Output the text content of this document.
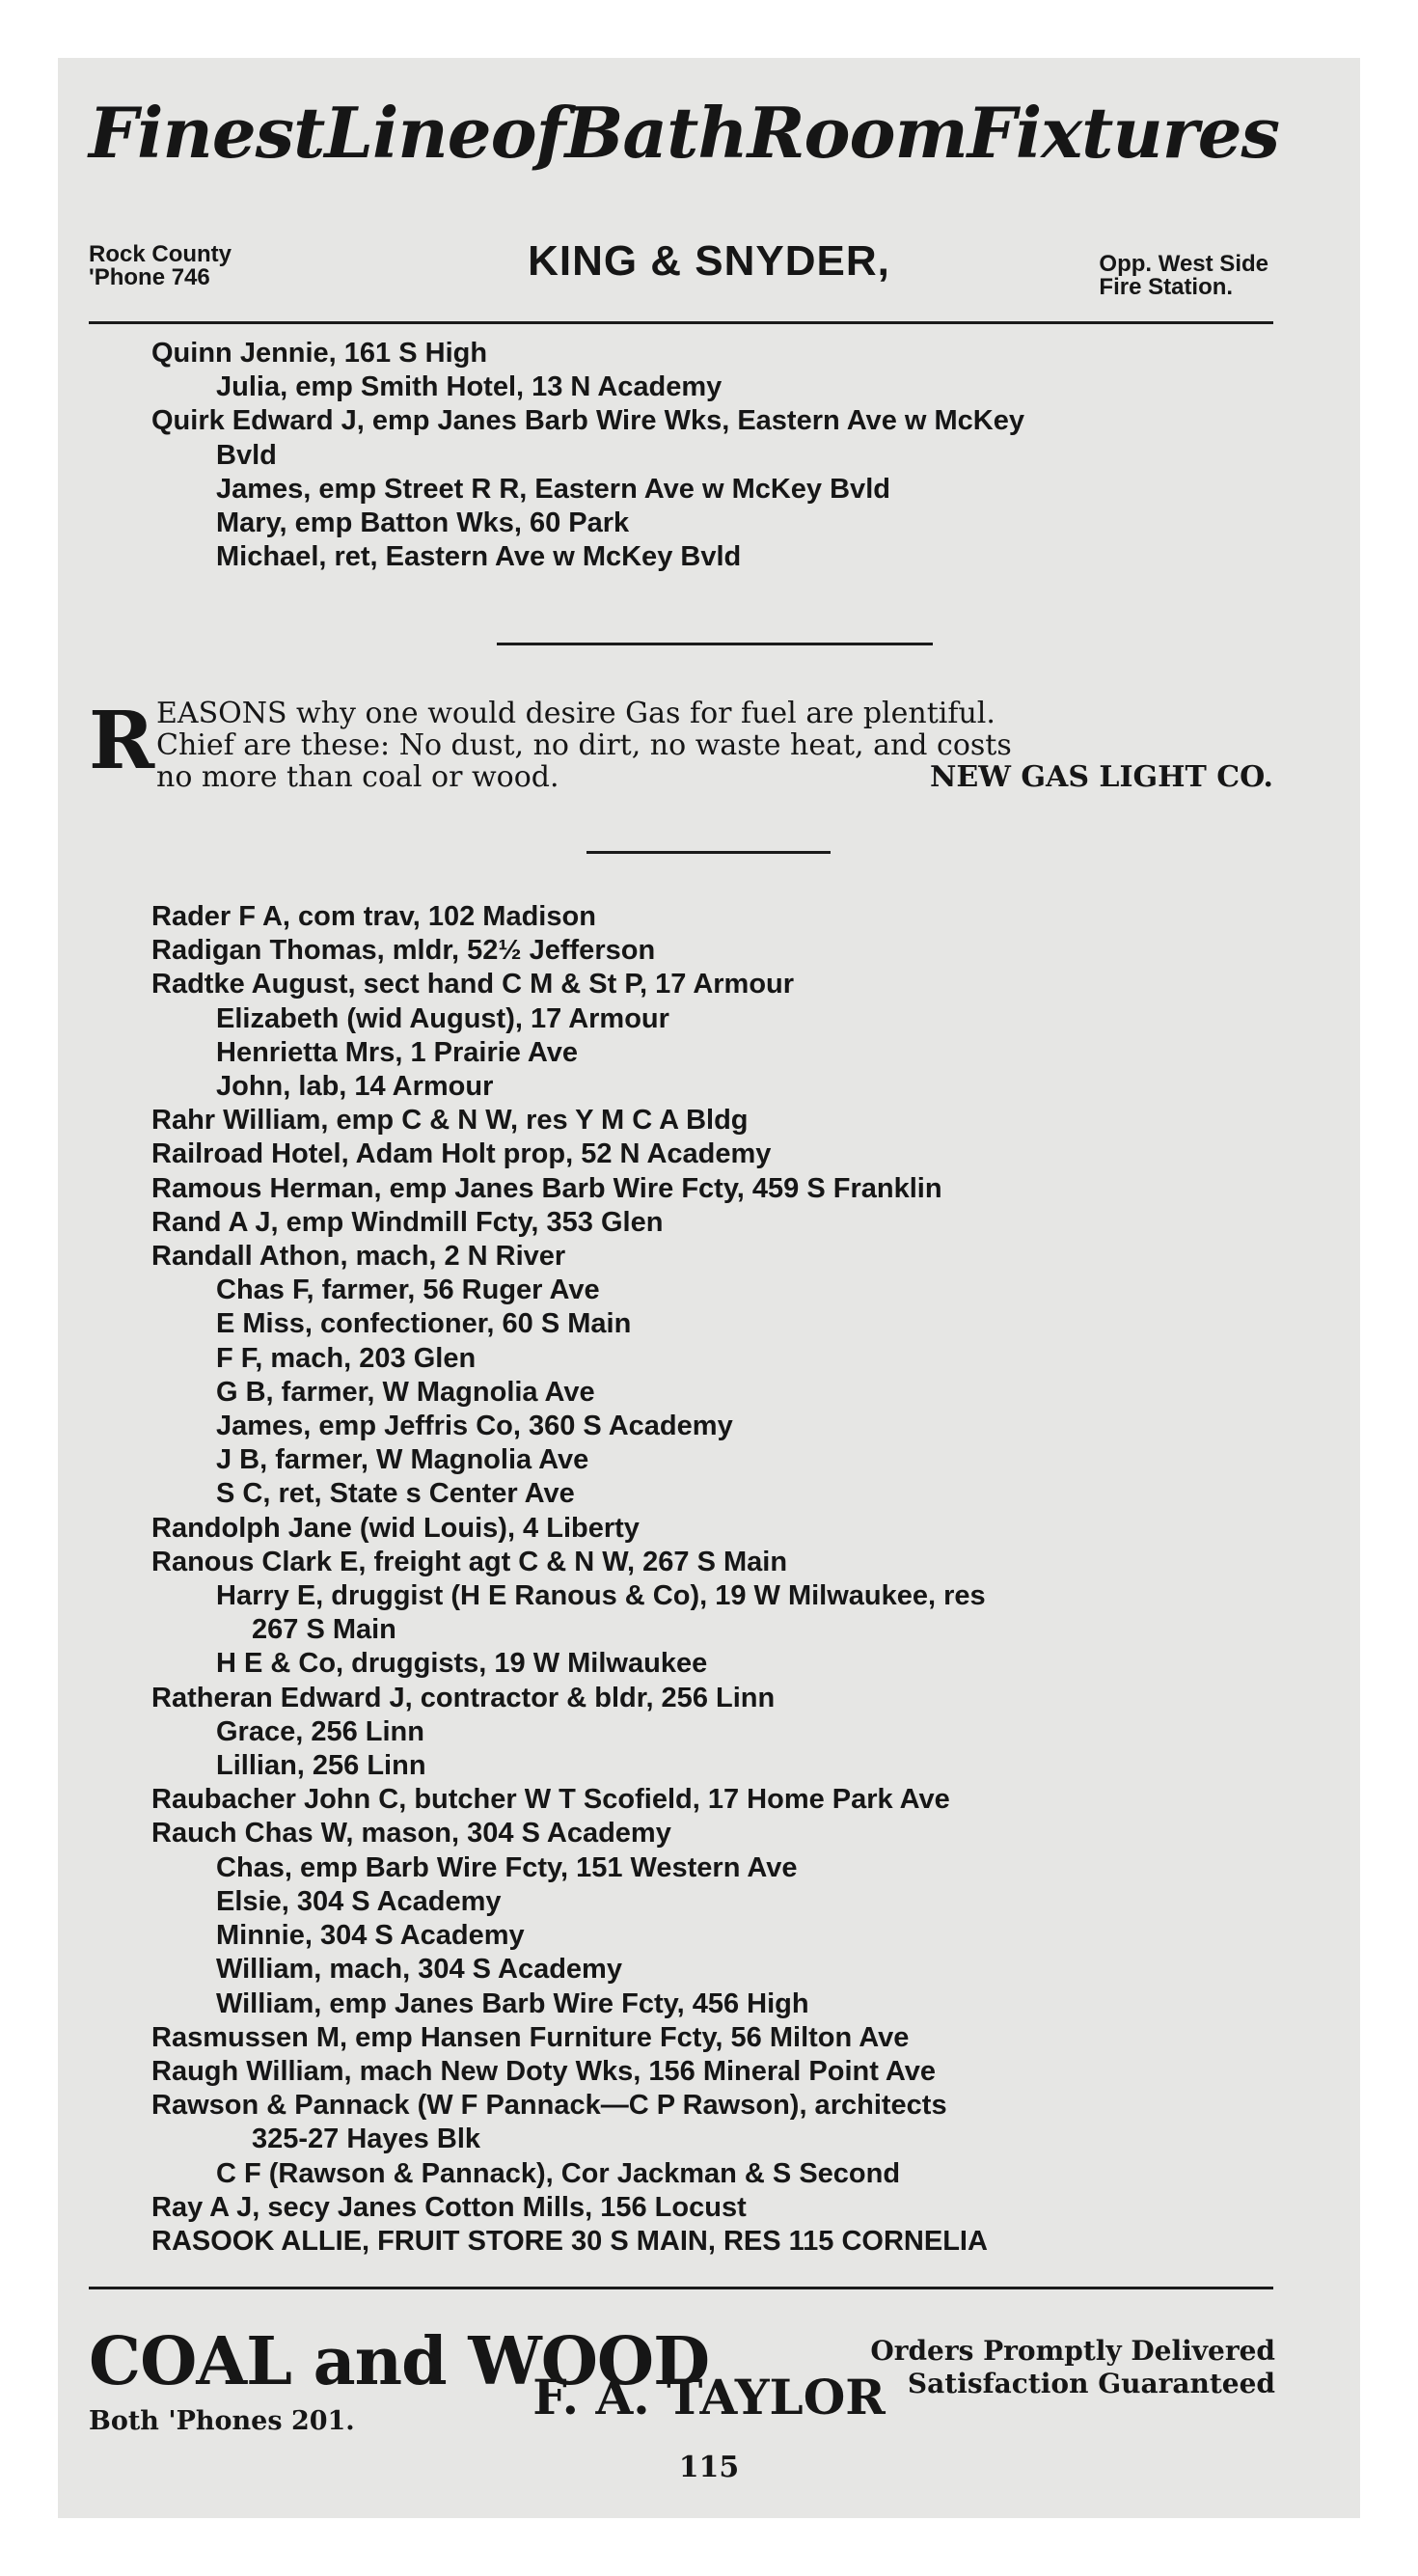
Finest Line of Bath Room Fixtures
Rock County
'Phone 746	KING & SNYDER,	Opp. West Side
Fire Station.
Quinn Jennie, 161 S High
Julia, emp Smith Hotel, 13 N Academy
Quirk Edward J, emp Janes Barb Wire Wks, Eastern Ave w McKey
Bvld
James, emp Street R R, Eastern Ave w McKey Bvld
Mary, emp Batton Wks, 60 Park
Michael, ret, Eastern Ave w McKey Bvld
R EASONS why one would desire Gas for fuel are plentiful.
Chief are these: No dust, no dirt, no waste heat, and costs
no more than coal or wood.	NEW GAS LIGHT CO.
Rader F A, com trav, 102 Madison
Radigan Thomas, mldr, 52½ Jefferson
Radtke August, sect hand C M & St P, 17 Armour
Elizabeth (wid August), 17 Armour
Henrietta Mrs, 1 Prairie Ave
John, lab, 14 Armour
Rahr William, emp C & N W, res Y M C A Bldg
Railroad Hotel, Adam Holt prop, 52 N Academy
Ramous Herman, emp Janes Barb Wire Fcty, 459 S Franklin
Rand A J, emp Windmill Fcty, 353 Glen
Randall Athon, mach, 2 N River
Chas F, farmer, 56 Ruger Ave
E Miss, confectioner, 60 S Main
F F, mach, 203 Glen
G B, farmer, W Magnolia Ave
James, emp Jeffris Co, 360 S Academy
J B, farmer, W Magnolia Ave
S C, ret, State s Center Ave
Randolph Jane (wid Louis), 4 Liberty
Ranous Clark E, freight agt C & N W, 267 S Main
Harry E, druggist (H E Ranous & Co), 19 W Milwaukee, res
267 S Main
H E & Co, druggists, 19 W Milwaukee
Ratheran Edward J, contractor & bldr, 256 Linn
Grace, 256 Linn
Lillian, 256 Linn
Raubacher John C, butcher W T Scofield, 17 Home Park Ave
Rauch Chas W, mason, 304 S Academy
Chas, emp Barb Wire Fcty, 151 Western Ave
Elsie, 304 S Academy
Minnie, 304 S Academy
William, mach, 304 S Academy
William, emp Janes Barb Wire Fcty, 456 High
Rasmussen M, emp Hansen Furniture Fcty, 56 Milton Ave
Raugh William, mach New Doty Wks, 156 Mineral Point Ave
Rawson & Pannack (W F Pannack—C P Rawson), architects
325-27 Hayes Blk
C F (Rawson & Pannack), Cor Jackman & S Second
Ray A J, secy Janes Cotton Mills, 156 Locust
RASOOK ALLIE, FRUIT STORE 30 S MAIN, RES 115 CORNELIA
COAL and WOOD	Orders Promptly Delivered
Satisfaction Guaranteed
Both 'Phones 201.	F. A. TAYLOR
115
